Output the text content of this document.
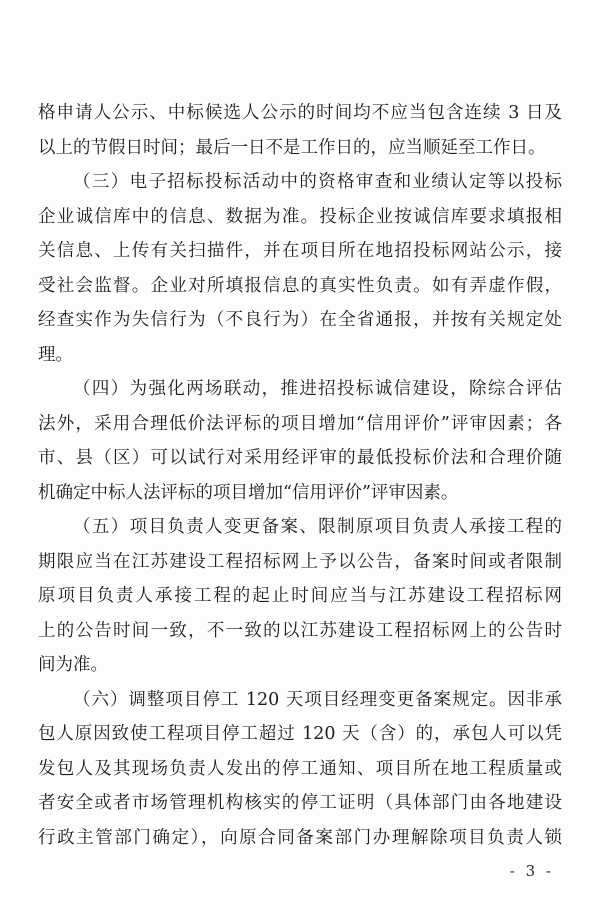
格申请人公示、中标候选人公示的时间均不应当包含连续 3 日及
以上的节假日时间；最后一日不是工作日的，应当顺延至工作日。
（三）电子招标投标活动中的资格审查和业绩认定等以投标
企业诚信库中的信息、数据为准。投标企业按诚信库要求填报相
关信息、上传有关扫描件，并在项目所在地招投标网站公示，接
受社会监督。企业对所填报信息的真实性负责。如有弄虚作假，
经查实作为失信行为（不良行为）在全省通报，并按有关规定处
理。
（四）为强化两场联动，推进招投标诚信建设，除综合评估
法外，采用合理低价法评标的项目增加“信用评价”评审因素；各
市、县（区）可以试行对采用经评审的最低投标价法和合理价随
机确定中标人法评标的项目增加“信用评价”评审因素。
（五）项目负责人变更备案、限制原项目负责人承接工程的
期限应当在江苏建设工程招标网上予以公告，备案时间或者限制
原项目负责人承接工程的起止时间应当与江苏建设工程招标网
上的公告时间一致，不一致的以江苏建设工程招标网上的公告时
间为准。
（六）调整项目停工 120 天项目经理变更备案规定。因非承
包人原因致使工程项目停工超过 120 天（含）的，承包人可以凭
发包人及其现场负责人发出的停工通知、项目所在地工程质量或
者安全或者市场管理机构核实的停工证明（具体部门由各地建设
行政主管部门确定），向原合同备案部门办理解除项目负责人锁
- 3 -
